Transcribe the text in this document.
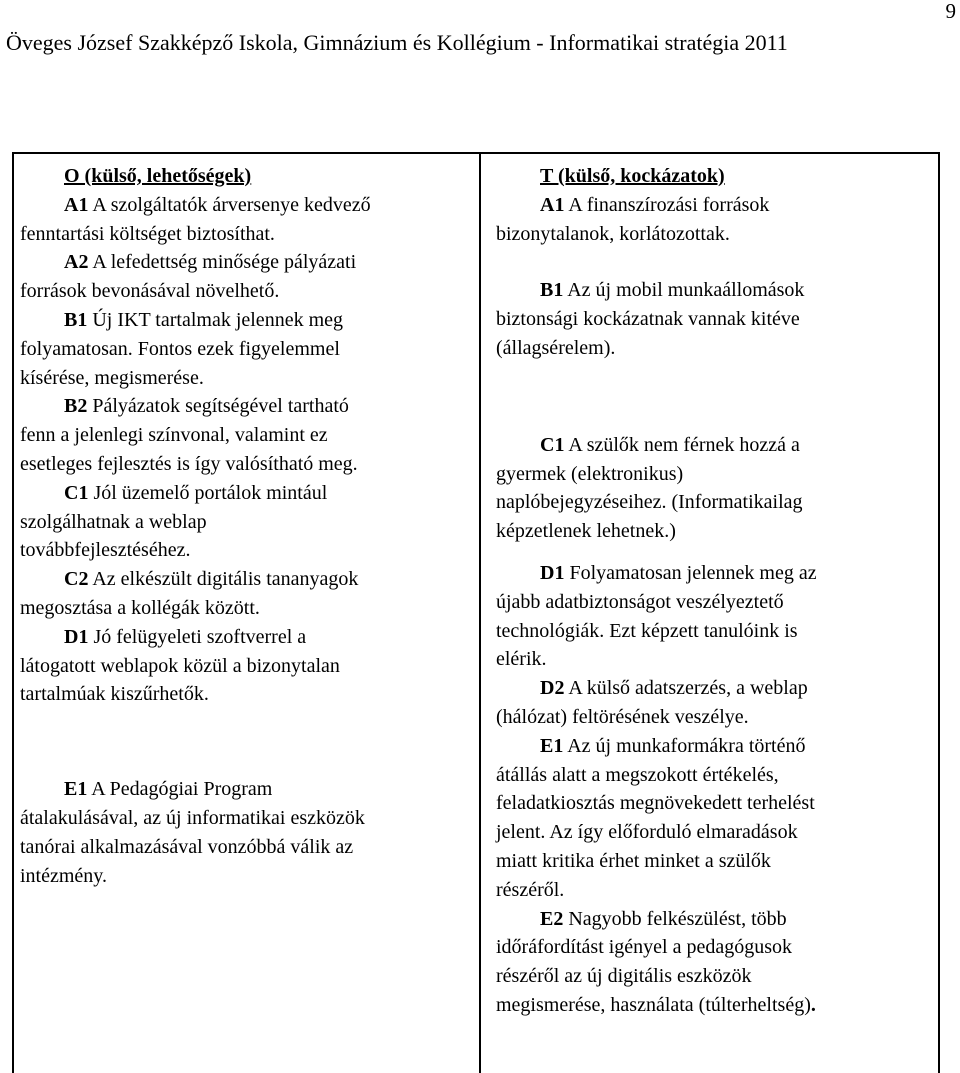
9
Öveges József Szakképző Iskola, Gimnázium és Kollégium - Informatikai stratégia 2011
O (külső, lehetőségek)
A1 A szolgáltatók árversenye kedvező
fenntartási költséget biztosíthat.
A2 A lefedettség minősége pályázati
források bevonásával növelhető.
B1 Új IKT tartalmak jelennek meg
folyamatosan. Fontos ezek figyelemmel
kísérése, megismerése.
B2 Pályázatok segítségével tartható
fenn a jelenlegi színvonal, valamint ez
esetleges fejlesztés is így valósítható meg.
C1 Jól üzemelő portálok mintául
szolgálhatnak a weblap
továbbfejlesztéséhez.
C2 Az elkészült digitális tananyagok
megosztása a kollégák között.
D1 Jó felügyeleti szoftverrel a
látogatott weblapok közül a bizonytalan
tartalmúak kiszűrhetők.
E1 A Pedagógiai Program
átalakulásával, az új informatikai eszközök
tanórai alkalmazásával vonzóbbá válik az
intézmény.
T (külső, kockázatok)
A1 A finanszírozási források
bizonytalanok, korlátozottak.
B1 Az új mobil munkaállomások
biztonsági kockázatnak vannak kitéve
(állagsérelem).
C1 A szülők nem férnek hozzá a
gyermek (elektronikus)
naplóbejegyzéseihez. (Informatikailag
képzetlenek lehetnek.)
D1 Folyamatosan jelennek meg az
újabb adatbiztonságot veszélyeztető
technológiák. Ezt képzett tanulóink is
elérik.
D2 A külső adatszerzés, a weblap
(hálózat) feltörésének veszélye.
E1 Az új munkaformákra történő
átállás alatt a megszokott értékelés,
feladatkiosztás megnövekedett terhelést
jelent. Az így előforduló elmaradások
miatt kritika érhet minket a szülők
részéről.
E2 Nagyobb felkészülést, több
időráfordítást igényel a pedagógusok
részéről az új digitális eszközök
megismerése, használata (túlterheltség).
